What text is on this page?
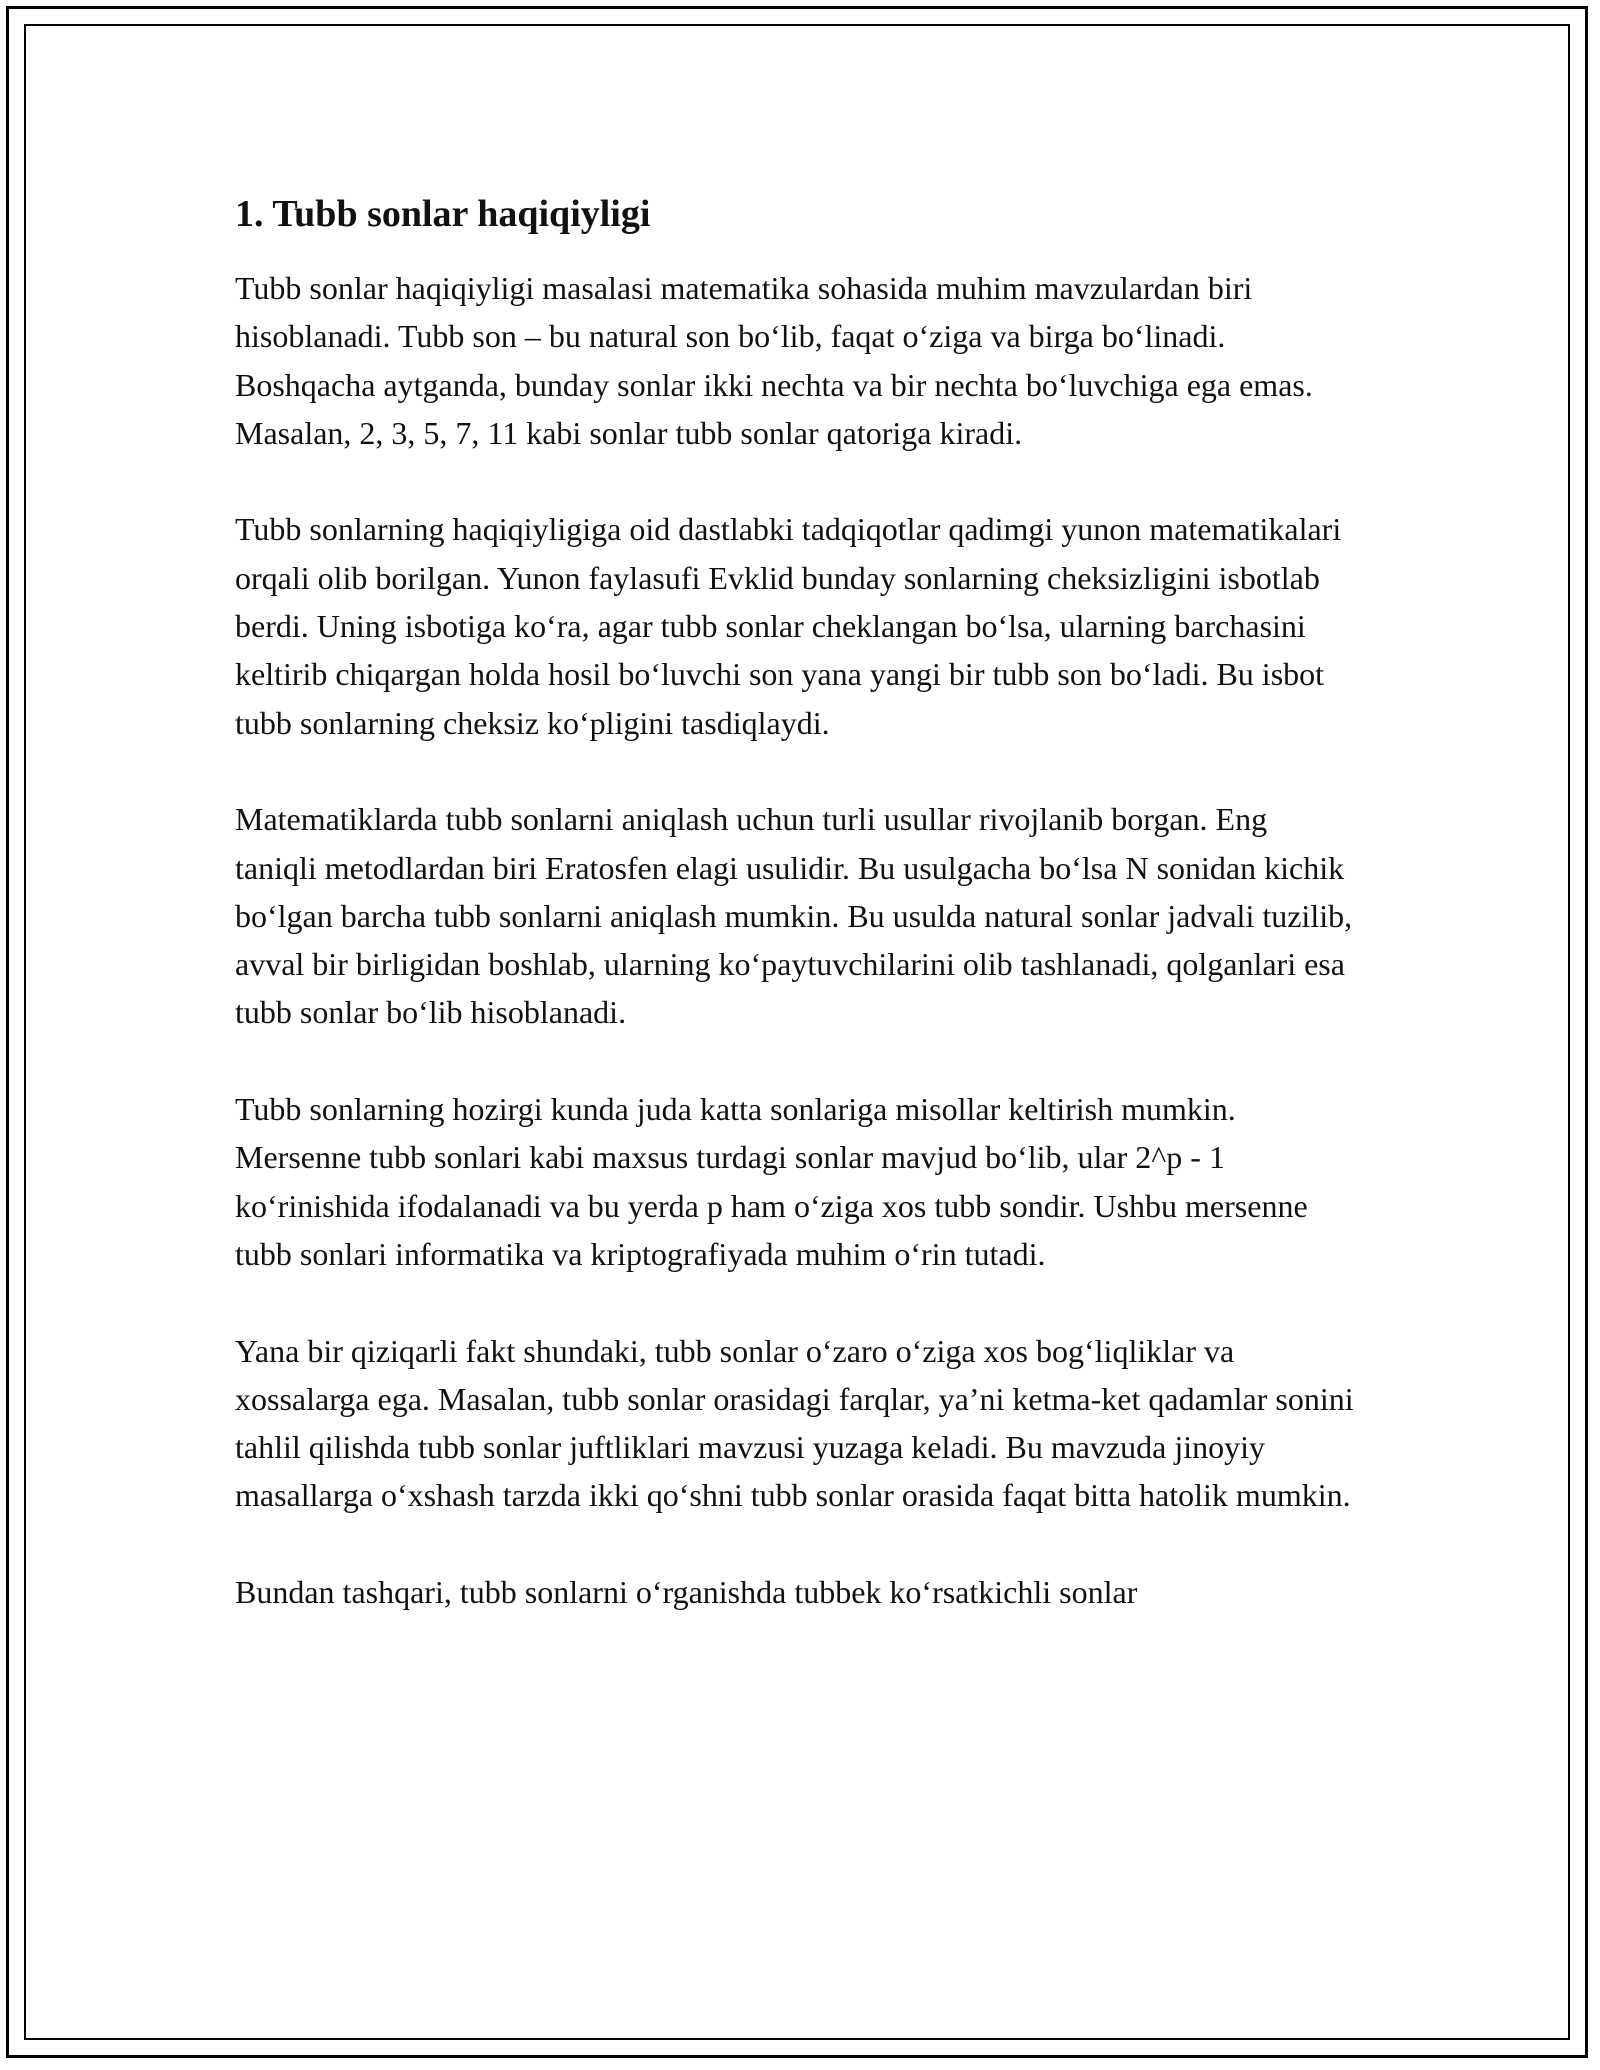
1. Tubb sonlar haqiqiyligi

Tubb sonlar haqiqiyligi masalasi matematika sohasida muhim mavzulardan biri hisoblanadi. Tubb son – bu natural son bo‘lib, faqat o‘ziga va birga bo‘linadi. Boshqacha aytganda, bunday sonlar ikki nechta va bir nechta bo‘luvchiga ega emas. Masalan, 2, 3, 5, 7, 11 kabi sonlar tubb sonlar qatoriga kiradi.

Tubb sonlarning haqiqiyligiga oid dastlabki tadqiqotlar qadimgi yunon matematikalari orqali olib borilgan. Yunon faylasufi Evklid bunday sonlarning cheksizligini isbotlab berdi. Uning isbotiga ko‘ra, agar tubb sonlar cheklangan bo‘lsa, ularning barchasini keltirib chiqargan holda hosil bo‘luvchi son yana yangi bir tubb son bo‘ladi. Bu isbot tubb sonlarning cheksiz ko‘pligini tasdiqlaydi.

Matematiklarda tubb sonlarni aniqlash uchun turli usullar rivojlanib borgan. Eng taniqli metodlardan biri Eratosfen elagi usulidir. Bu usulgacha bo‘lsa N sonidan kichik bo‘lgan barcha tubb sonlarni aniqlash mumkin. Bu usulda natural sonlar jadvali tuzilib, avval bir birligidan boshlab, ularning ko‘paytuvchilarini olib tashlanadi, qolganlari esa tubb sonlar bo‘lib hisoblanadi.

Tubb sonlarning hozirgi kunda juda katta sonlariga misollar keltirish mumkin. Mersenne tubb sonlari kabi maxsus turdagi sonlar mavjud bo‘lib, ular 2^p - 1 ko‘rinishida ifodalanadi va bu yerda p ham o‘ziga xos tubb sondir. Ushbu mersenne tubb sonlari informatika va kriptografiyada muhim o‘rin tutadi.

Yana bir qiziqarli fakt shundaki, tubb sonlar o‘zaro o‘ziga xos bog‘liqliklar va xossalarga ega. Masalan, tubb sonlar orasidagi farqlar, ya’ni ketma-ket qadamlar sonini tahlil qilishda tubb sonlar juftliklari mavzusi yuzaga keladi. Bu mavzuda jinoyiy masallarga o‘xshash tarzda ikki qo‘shni tubb sonlar orasida faqat bitta hatolik mumkin.

Bundan tashqari, tubb sonlarni o‘rganishda tubbek ko‘rsatkichli sonlar
